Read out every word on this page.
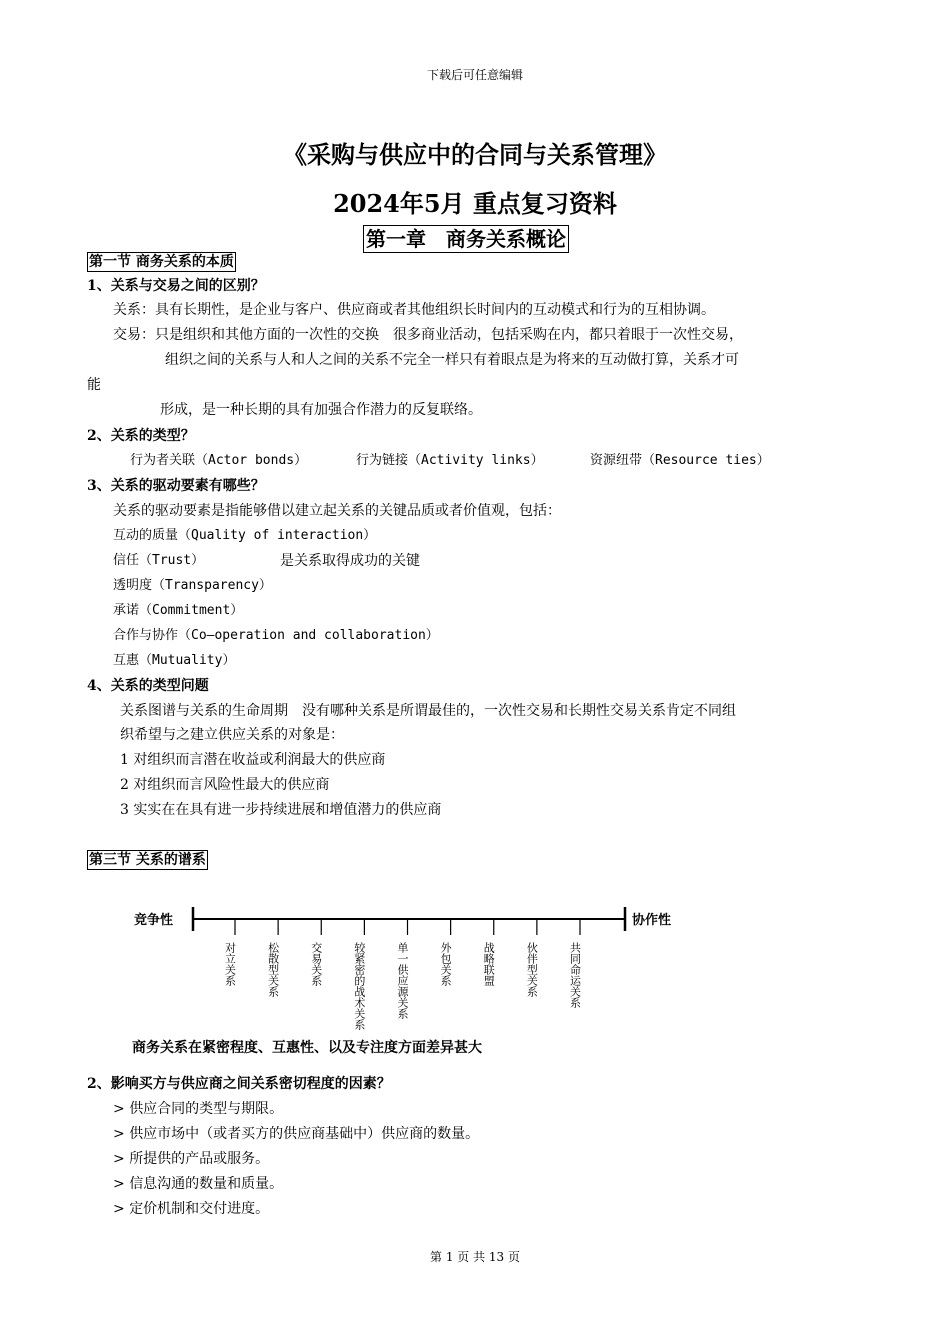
下载后可任意编辑
《采购与供应中的合同与关系管理》
2024年5月 重点复习资料
第一章　商务关系概论
第一节 商务关系的本质
1、关系与交易之间的区别？
关系：具有长期性，是企业与客户、供应商或者其他组织长时间内的互动模式和行为的互相协调。
交易：只是组织和其他方面的一次性的交换　很多商业活动，包括采购在内，都只着眼于一次性交易，
组织之间的关系与人和人之间的关系不完全一样只有着眼点是为将来的互动做打算，关系才可
能
形成，是一种长期的具有加强合作潜力的反复联络。
2、关系的类型？
行为者关联（Actor bonds）	行为链接（Activity links）	资源纽带（Resource ties）
3、关系的驱动要素有哪些？
关系的驱动要素是指能够借以建立起关系的关键品质或者价值观，包括：
互动的质量（Quality of interaction）
信任（Trust）	是关系取得成功的关键
透明度（Transparency）
承诺（Commitment）
合作与协作（Co—operation and collaboration）
互惠（Mutuality）
4、关系的类型问题
关系图谱与关系的生命周期　没有哪种关系是所谓最佳的，一次性交易和长期性交易关系肯定不同组
织希望与之建立供应关系的对象是：
1 对组织而言潜在收益或利润最大的供应商
2 对组织而言风险性最大的供应商
3 实实在在具有进一步持续进展和增值潜力的供应商
第三节 关系的谱系
竞争性	协作性
对立关系	松散型关系	交易关系	较紧密的战术关系	单一供应源关系	外包关系	战略联盟	伙伴型关系	共同命运关系
商务关系在紧密程度、互惠性、以及专注度方面差异甚大
2、影响买方与供应商之间关系密切程度的因素？
> 供应合同的类型与期限。
> 供应市场中（或者买方的供应商基础中）供应商的数量。
> 所提供的产品或服务。
> 信息沟通的数量和质量。
> 定价机制和交付进度。
第 1 页 共 13 页
